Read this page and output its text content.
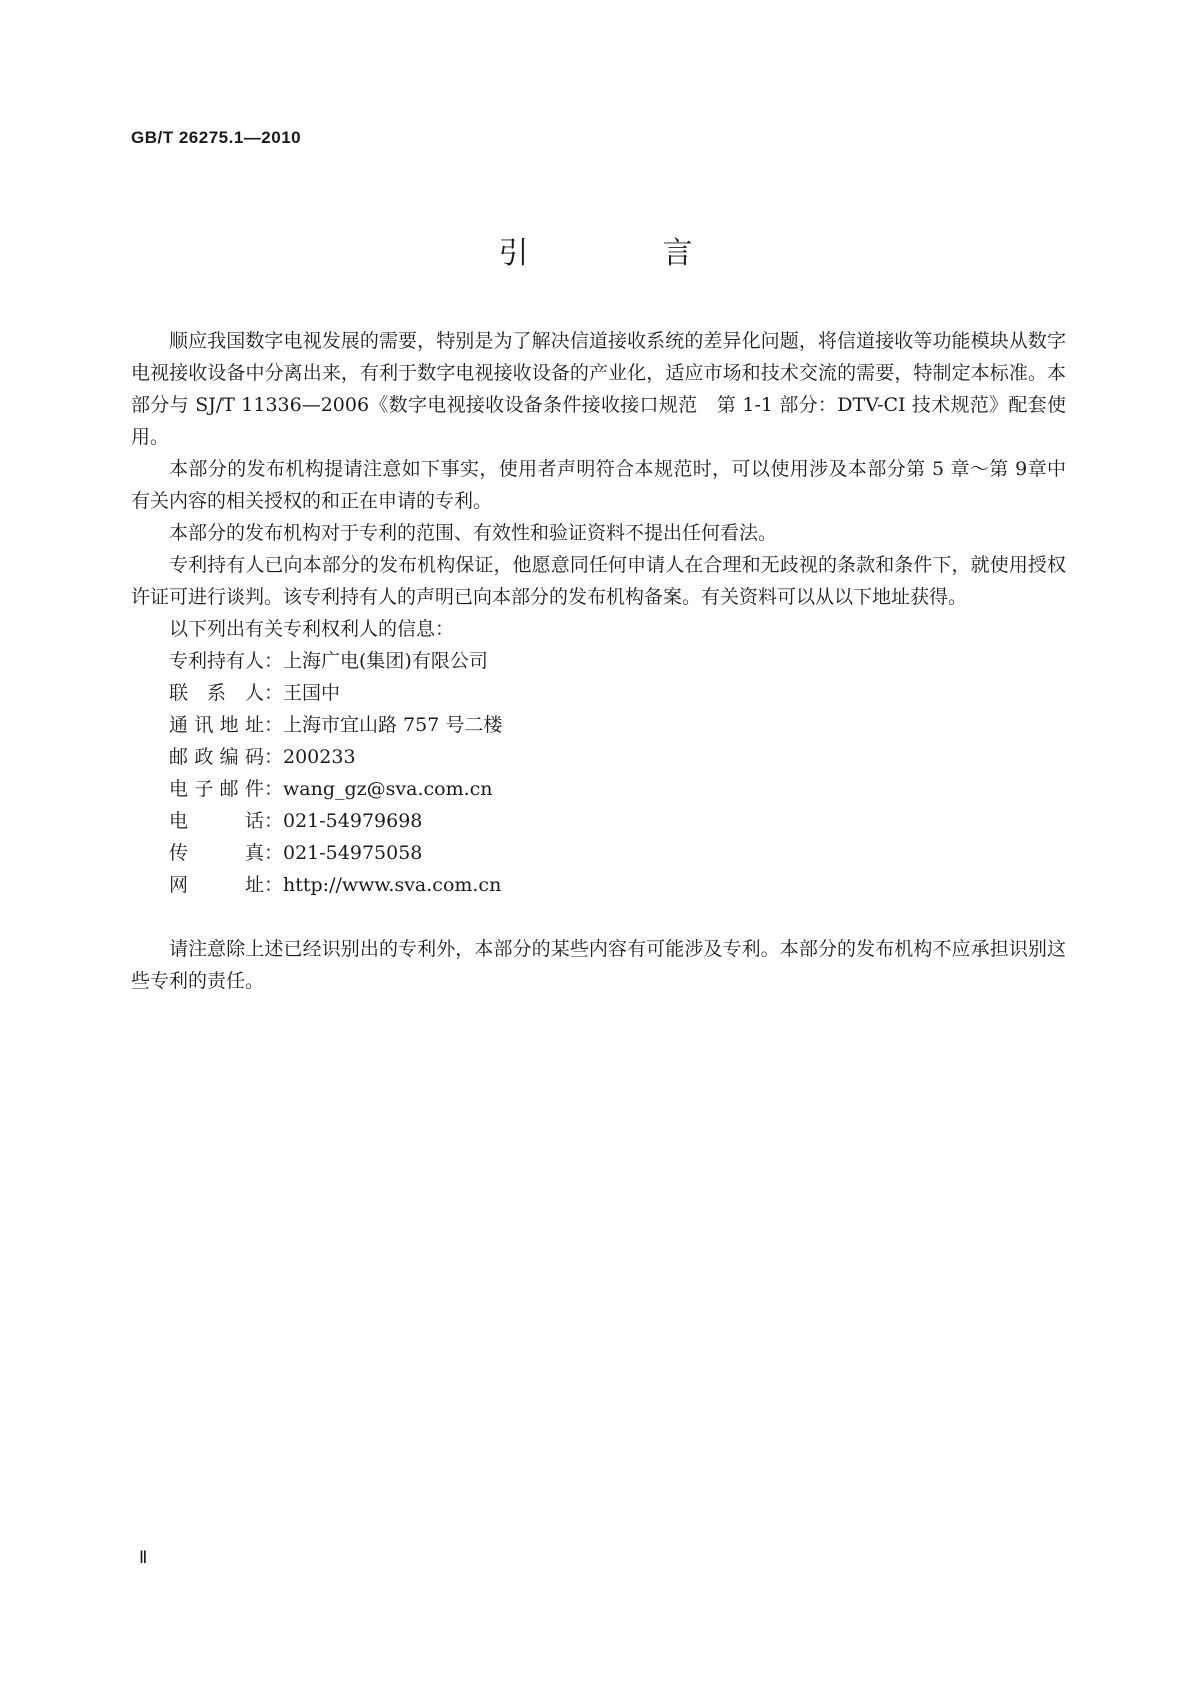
GB/T 26275.1—2010
引　言

顺应我国数字电视发展的需要，特别是为了解决信道接收系统的差异化问题，将信道接收等功能模块从数字电视接收设备中分离出来，有利于数字电视接收设备的产业化，适应市场和技术交流的需要，特制定本标准。本部分与 SJ/T 11336—2006《数字电视接收设备条件接收接口规范　第 1-1 部分：DTV-CI 技术规范》配套使用。

本部分的发布机构提请注意如下事实，使用者声明符合本规范时，可以使用涉及本部分第 5 章～第 9章中有关内容的相关授权的和正在申请的专利。

本部分的发布机构对于专利的范围、有效性和验证资料不提出任何看法。

专利持有人已向本部分的发布机构保证，他愿意同任何申请人在合理和无歧视的条款和条件下，就使用授权许证可进行谈判。该专利持有人的声明已向本部分的发布机构备案。有关资料可以从以下地址获得。

以下列出有关专利权利人的信息：

专利持有人：上海广电(集团)有限公司
联系人：王国中
通讯地址：上海市宜山路 757 号二楼
邮政编码：200233
电子邮件：wang_gz@sva.com.cn
电话：021-54979698
传真：021-54975058
网址：http://www.sva.com.cn

请注意除上述已经识别出的专利外，本部分的某些内容有可能涉及专利。本部分的发布机构不应承担识别这些专利的责任。

Ⅱ
